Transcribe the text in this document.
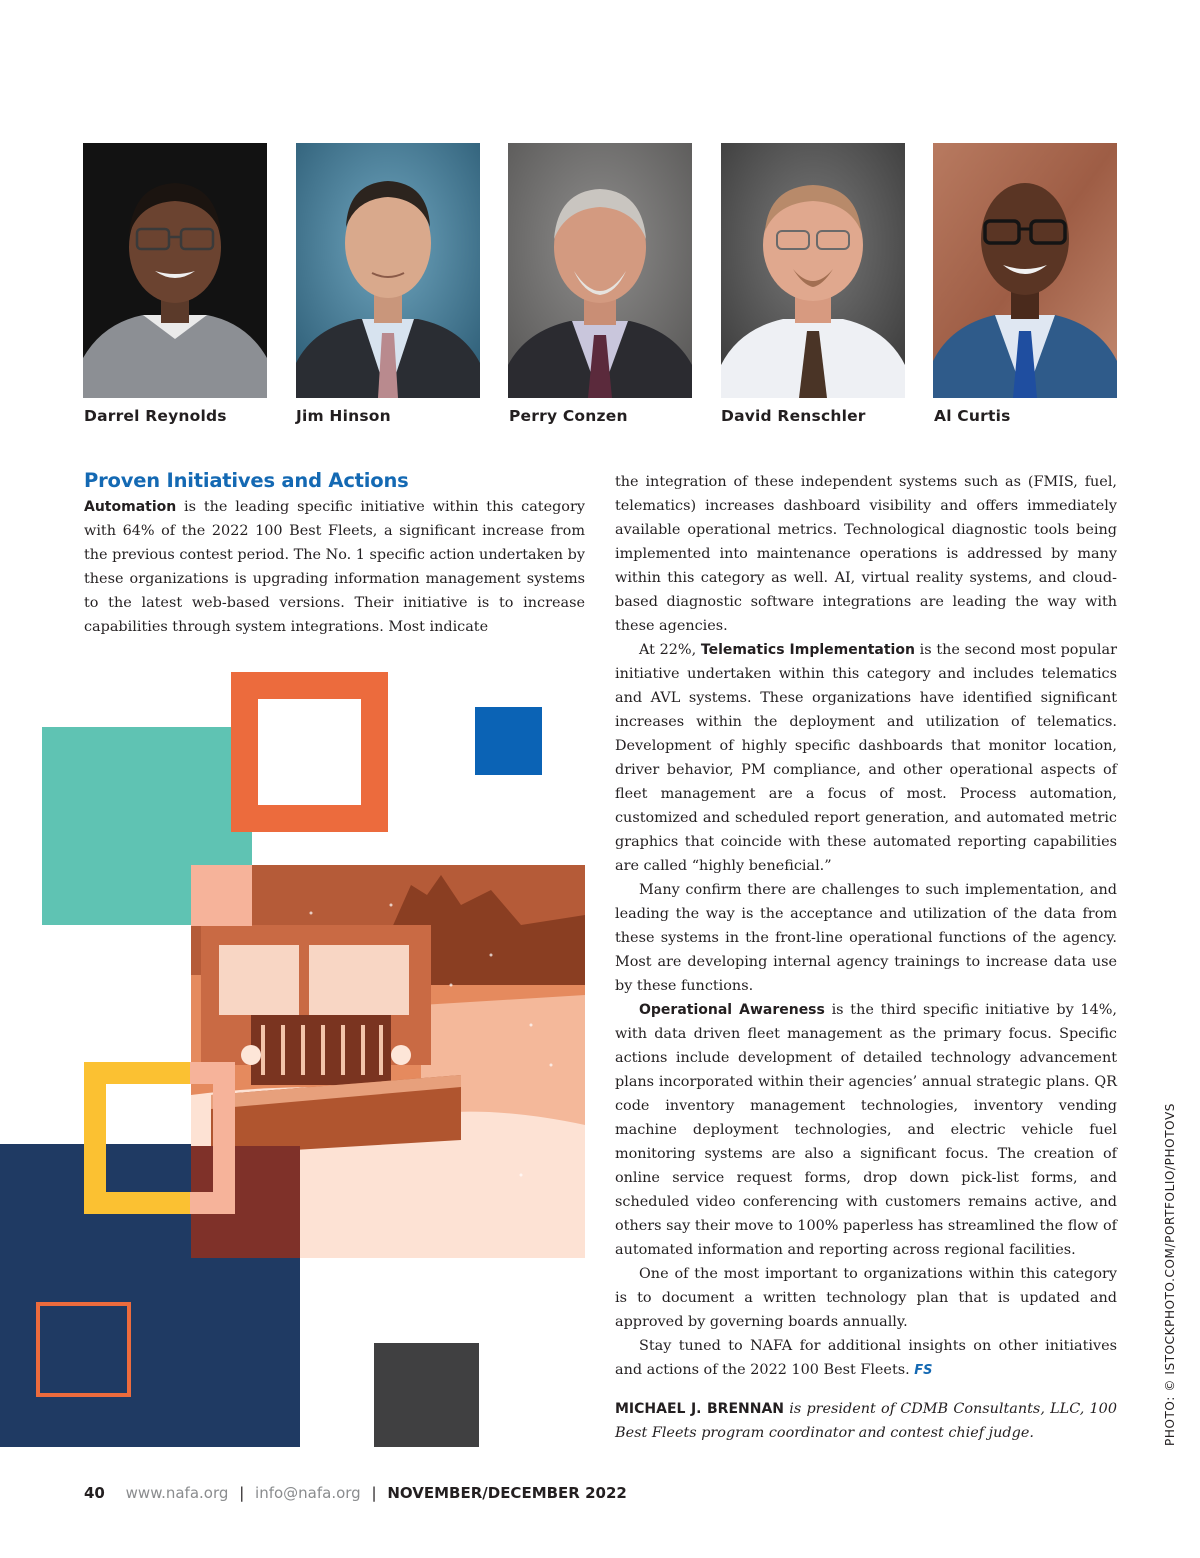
Darrel Reynolds	Jim Hinson	Perry Conzen	David Renschler	Al Curtis
Proven Initiatives and Actions

Automation is the leading specific initiative within this category with 64% of the 2022 100 Best Fleets, a significant increase from the previous contest period. The No. 1 specific action undertaken by these organizations is upgrading information management systems to the latest web-based versions. Their initiative is to increase capabilities through system integrations. Most indicate

the integration of these independent systems such as (FMIS, fuel, telematics) increases dashboard visibility and offers immediately available operational metrics. Technological diagnostic tools being implemented into maintenance operations is addressed by many within this category as well. AI, virtual reality systems, and cloud-based diagnostic software integrations are leading the way with these agencies.

At 22%, Telematics Implementation is the second most popular initiative undertaken within this category and includes telematics and AVL systems. These organizations have identified significant increases within the deployment and utilization of telematics. Development of highly specific dashboards that monitor location, driver behavior, PM compliance, and other operational aspects of fleet management are a focus of most. Process automation, customized and scheduled report generation, and automated metric graphics that coincide with these automated reporting capabilities are called “highly beneficial.”

Many confirm there are challenges to such implementation, and leading the way is the acceptance and utilization of the data from these systems in the front-line operational functions of the agency. Most are developing internal agency trainings to increase data use by these functions.

Operational Awareness is the third specific initiative by 14%, with data driven fleet management as the primary focus. Specific actions include development of detailed technology advancement plans incorporated within their agencies’ annual strategic plans. QR code inventory management technologies, inventory vending machine deployment technologies, and electric vehicle fuel monitoring systems are also a significant focus. The creation of online service request forms, drop down pick-list forms, and scheduled video conferencing with customers remains active, and others say their move to 100% paperless has streamlined the flow of automated information and reporting across regional facilities.

One of the most important to organizations within this category is to document a written technology plan that is updated and approved by governing boards annually.

Stay tuned to NAFA for additional insights on other initiatives and actions of the 2022 100 Best Fleets. FS

MICHAEL J. BRENNAN is president of CDMB Consultants, LLC, 100 Best Fleets program coordinator and contest chief judge.	PHOTO: © ISTOCKPHOTO.COM/PORTFOLIO/PHOTOVS
40 www.nafa.org | info@nafa.org | NOVEMBER/DECEMBER 2022
